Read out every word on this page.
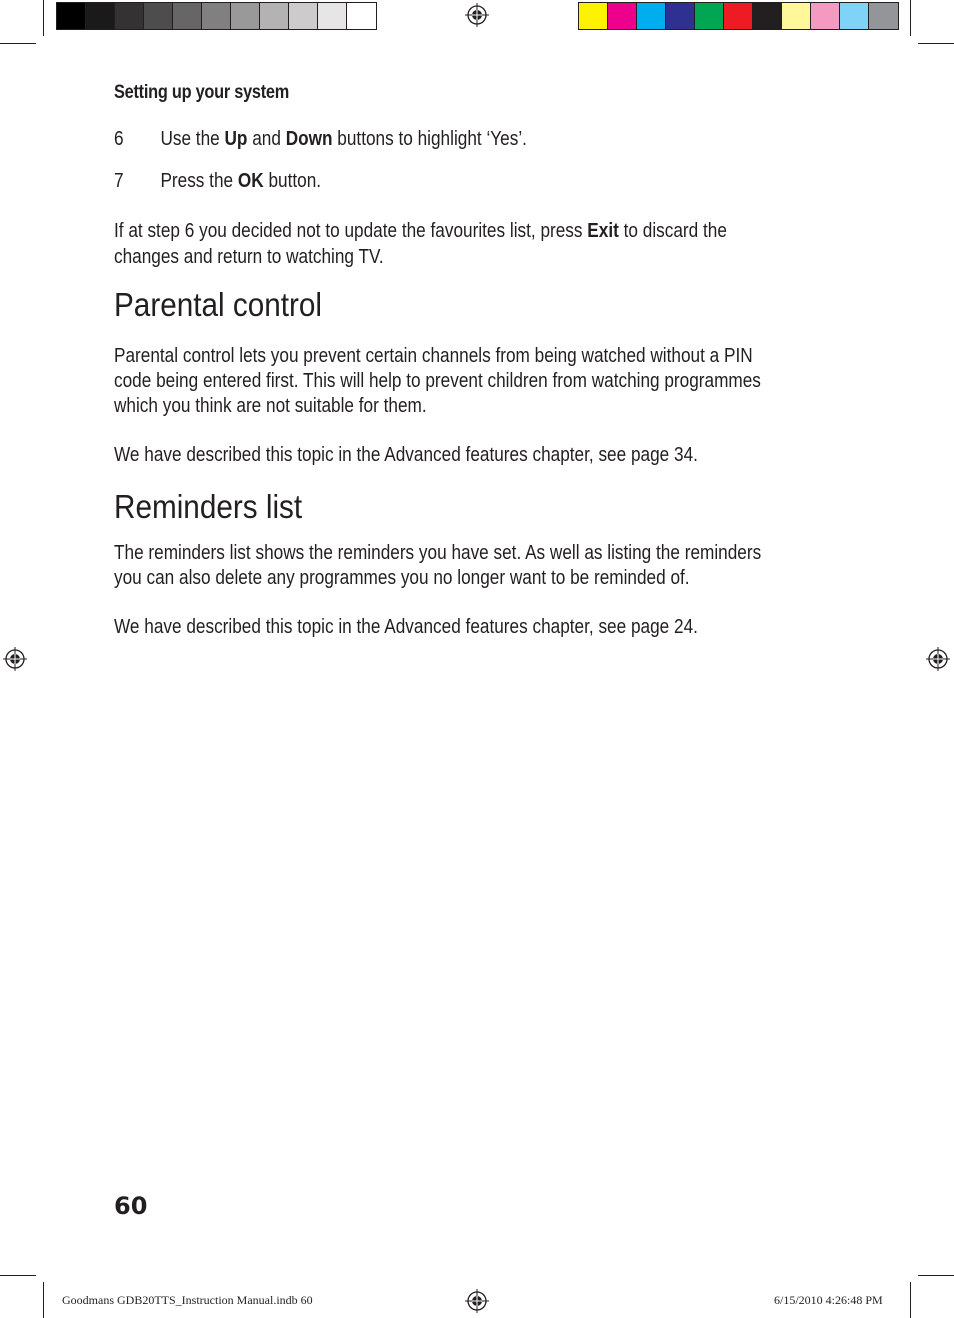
Setting up your system
6 Use the Up and Down buttons to highlight ‘Yes’.
7 Press the OK button.
If at step 6 you decided not to update the favourites list, press Exit to discard the
changes and return to watching TV.
Parental control
Parental control lets you prevent certain channels from being watched without a PIN
code being entered first. This will help to prevent children from watching programmes
which you think are not suitable for them.
We have described this topic in the Advanced features chapter, see page 34.
Reminders list
The reminders list shows the reminders you have set. As well as listing the reminders
you can also delete any programmes you no longer want to be reminded of.
We have described this topic in the Advanced features chapter, see page 24.
60
Goodmans GDB20TTS_Instruction Manual.indb 60	6/15/2010 4:26:48 PM
